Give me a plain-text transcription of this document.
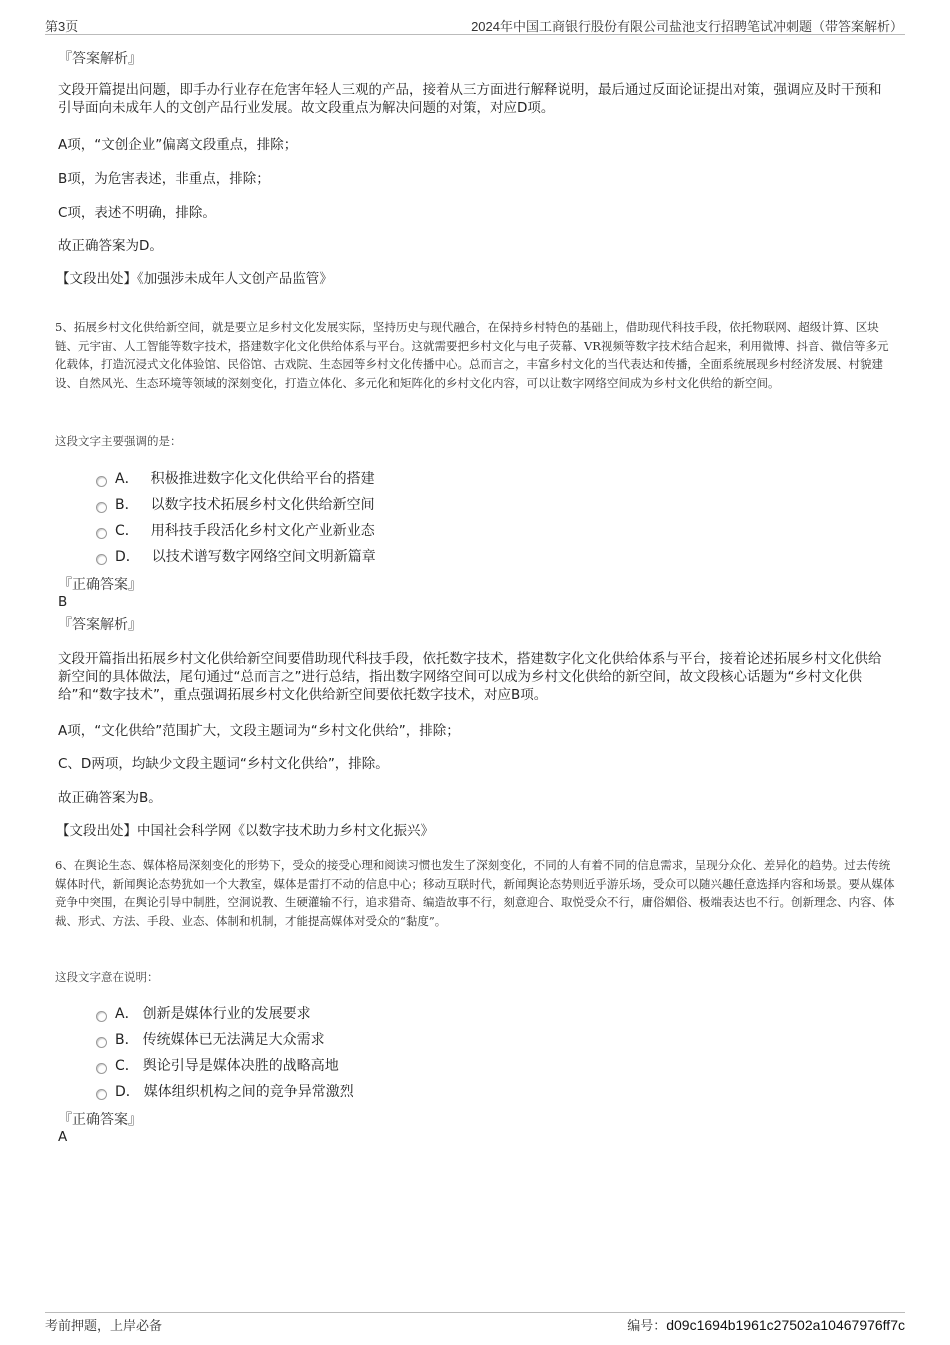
第3页	2024年中国工商银行股份有限公司盐池支行招聘笔试冲刺题（带答案解析）
『答案解析』
文段开篇提出问题，即手办行业存在危害年轻人三观的产品，接着从三方面进行解释说明，最后通过反面论证提出对策，强调应及时干预和引导面向未成年人的文创产品行业发展。故文段重点为解决问题的对策，对应D项。
A项，“文创企业”偏离文段重点，排除；
B项，为危害表述，非重点，排除；
C项，表述不明确，排除。
故正确答案为D。
【文段出处】《加强涉未成年人文创产品监管》
5、拓展乡村文化供给新空间，就是要立足乡村文化发展实际，坚持历史与现代融合，在保持乡村特色的基础上，借助现代科技手段，依托物联网、超级计算、区块链、元宇宙、人工智能等数字技术，搭建数字化文化供给体系与平台。这就需要把乡村文化与电子荧幕、VR视频等数字技术结合起来，利用微博、抖音、微信等多元化载体，打造沉浸式文化体验馆、民俗馆、古戏院、生态园等乡村文化传播中心。总而言之，丰富乡村文化的当代表达和传播，全面系统展现乡村经济发展、村貌建设、自然风光、生态环境等领域的深刻变化，打造立体化、多元化和矩阵化的乡村文化内容，可以让数字网络空间成为乡村文化供给的新空间。
这段文字主要强调的是：
A． 积极推进数字化文化供给平台的搭建
B． 以数字技术拓展乡村文化供给新空间
C． 用科技手段活化乡村文化产业新业态
D． 以技术谱写数字网络空间文明新篇章
『正确答案』
B
『答案解析』
文段开篇指出拓展乡村文化供给新空间要借助现代科技手段，依托数字技术，搭建数字化文化供给体系与平台，接着论述拓展乡村文化供给新空间的具体做法，尾句通过“总而言之”进行总结，指出数字网络空间可以成为乡村文化供给的新空间，故文段核心话题为“乡村文化供给”和“数字技术”，重点强调拓展乡村文化供给新空间要依托数字技术，对应B项。
A项，“文化供给”范围扩大，文段主题词为“乡村文化供给”，排除；
C、D两项，均缺少文段主题词“乡村文化供给”，排除。
故正确答案为B。
【文段出处】中国社会科学网《以数字技术助力乡村文化振兴》
6、在舆论生态、媒体格局深刻变化的形势下，受众的接受心理和阅读习惯也发生了深刻变化，不同的人有着不同的信息需求，呈现分众化、差异化的趋势。过去传统媒体时代，新闻舆论态势犹如一个大教室，媒体是雷打不动的信息中心；移动互联时代，新闻舆论态势则近乎游乐场，受众可以随兴趣任意选择内容和场景。要从媒体竞争中突围，在舆论引导中制胜，空洞说教、生硬灌输不行，追求猎奇、编造故事不行，刻意迎合、取悦受众不行，庸俗媚俗、极端表达也不行。创新理念、内容、体裁、形式、方法、手段、业态、体制和机制，才能提高媒体对受众的“黏度”。
这段文字意在说明：
A． 创新是媒体行业的发展要求
B． 传统媒体已无法满足大众需求
C． 舆论引导是媒体决胜的战略高地
D． 媒体组织机构之间的竞争异常激烈
『正确答案』
A
考前押题，上岸必备	编号：d09c1694b1961c27502a10467976ff7c
